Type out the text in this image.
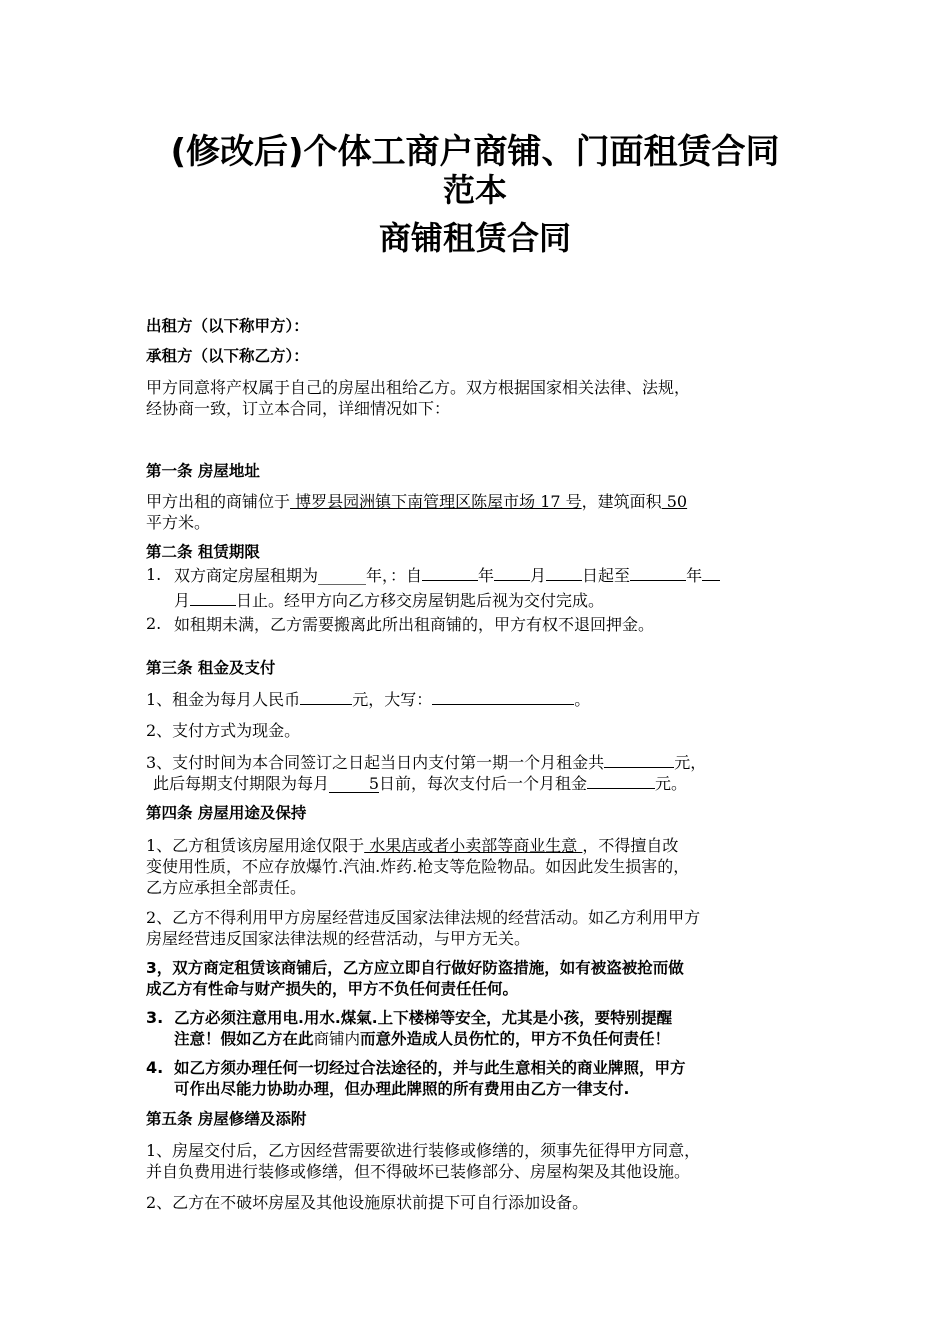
(修改后)个体工商户商铺、门面租赁合同
范本
商铺租赁合同
出租方（以下称甲方）：
承租方（以下称乙方）：
甲方同意将产权属于自己的房屋出租给乙方。双方根据国家相关法律、法规，
经协商一致，订立本合同，详细情况如下：
第一条 房屋地址
甲方出租的商铺位于 博罗县园洲镇下南管理区陈屋市场 17 号，建筑面积 50
平方米。
第二条 租赁期限
1. 双方商定房屋租期为______年，：自	年 月 日起至	年
月	日止。经甲方向乙方移交房屋钥匙后视为交付完成。
2. 如租期未满，乙方需要搬离此所出租商铺的，甲方有权不退回押金。
第三条 租金及支付
1、租金为每月人民币	元，大写：	。
2、支付方式为现金。
3、支付时间为本合同签订之日起当日内支付第一期一个月租金共	元，
此后每期支付期限为每月 5日前，每次支付后一个月租金	元。
第四条 房屋用途及保持
1、乙方租赁该房屋用途仅限于 水果店或者小卖部等商业生意 ，不得擅自改
变使用性质，不应存放爆竹.汽油.炸药.枪支等危险物品。如因此发生损害的，
乙方应承担全部责任。
2、乙方不得利用甲方房屋经营违反国家法律法规的经营活动。如乙方利用甲方
房屋经营违反国家法律法规的经营活动，与甲方无关。
3，双方商定租赁该商铺后，乙方应立即自行做好防盗措施，如有被盗被抢而做
成乙方有性命与财产损失的，甲方不负任何责任任何。
3. 乙方必须注意用电.用水.煤氣.上下楼梯等安全，尤其是小孩，要特别提醒
注意！假如乙方在此商铺内而意外造成人员伤忙的，甲方不负任何责任！
4. 如乙方须办理任何一切经过合法途径的，并与此生意相关的商业牌照，甲方
可作出尽能力协助办理，但办理此牌照的所有费用由乙方一律支付.
第五条 房屋修缮及添附
1、房屋交付后，乙方因经营需要欲进行装修或修缮的，须事先征得甲方同意，
并自负费用进行装修或修缮，但不得破坏已装修部分、房屋构架及其他设施。
2、乙方在不破坏房屋及其他设施原状前提下可自行添加设备。
